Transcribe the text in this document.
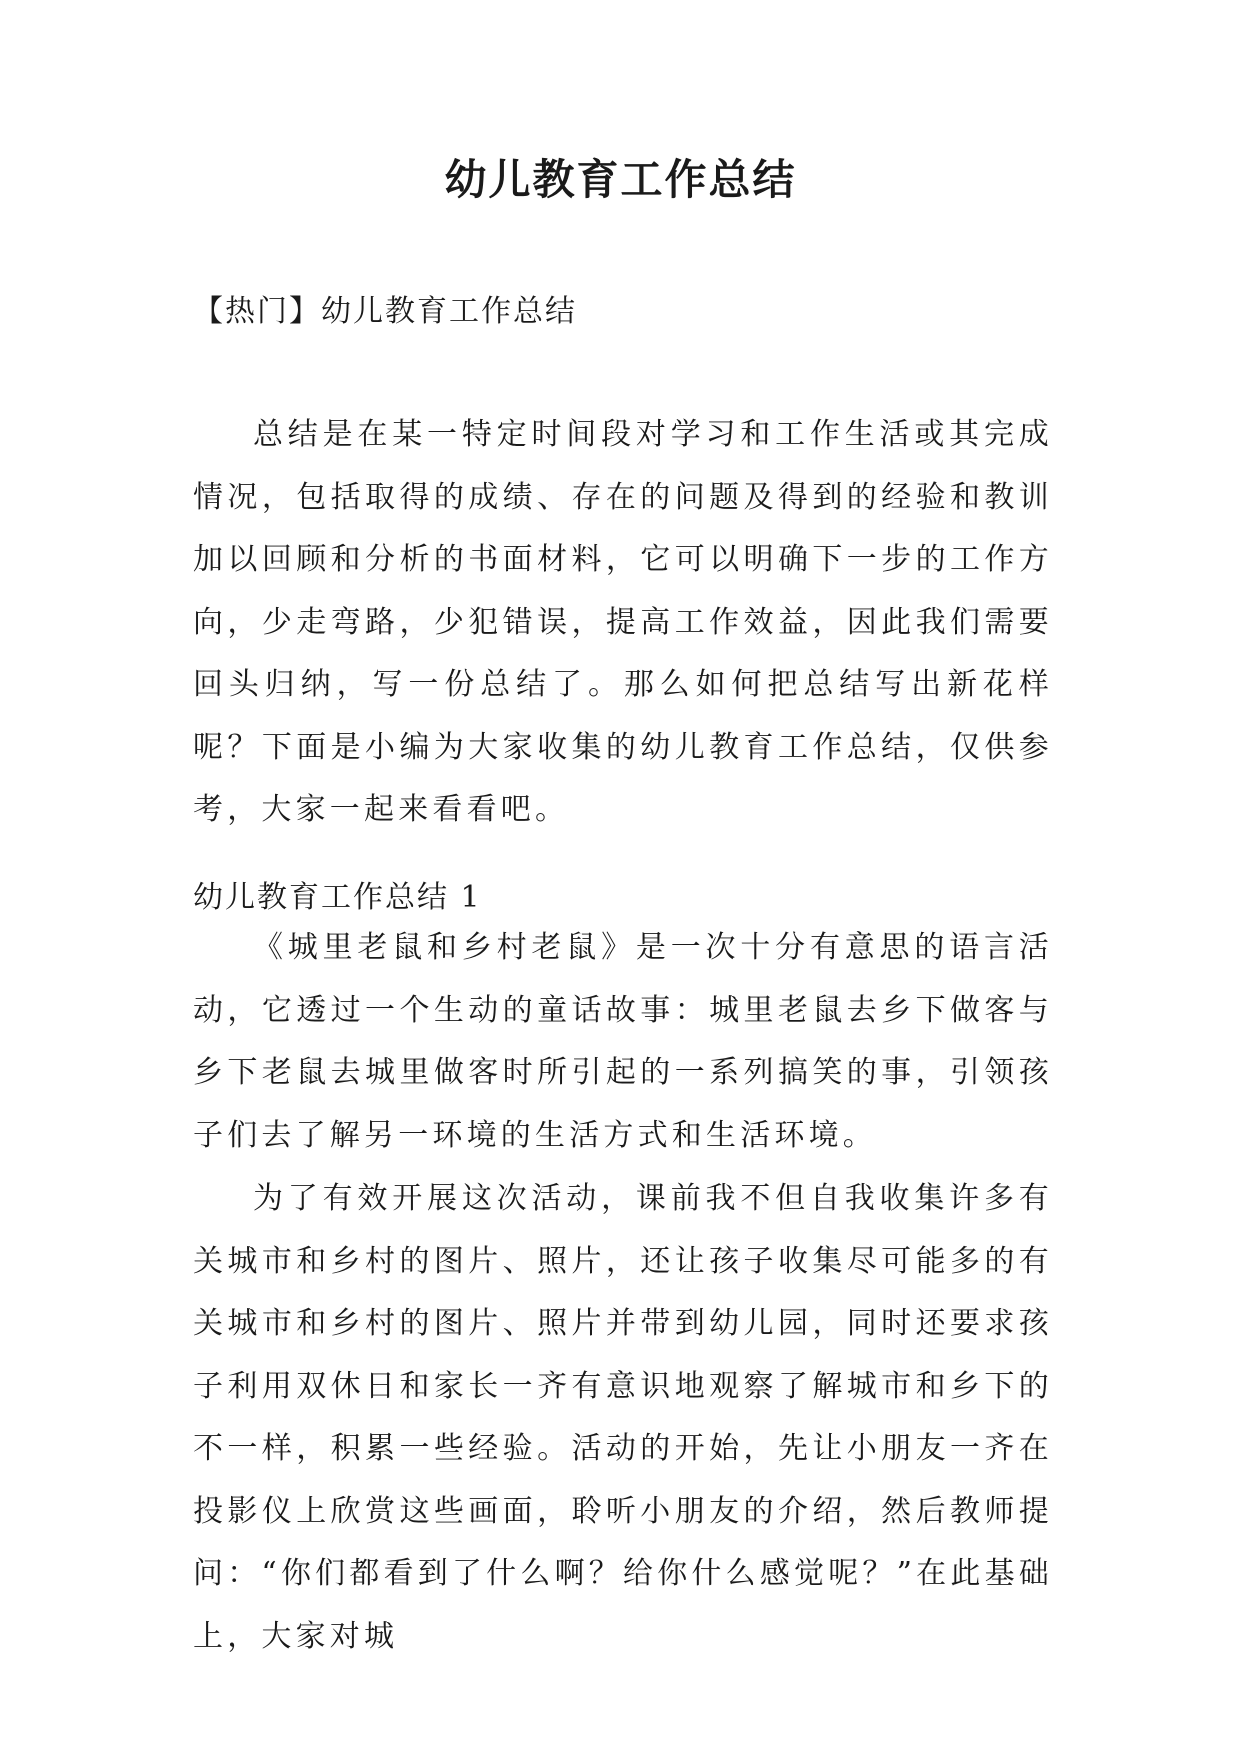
幼儿教育工作总结

【热门】幼儿教育工作总结

总结是在某一特定时间段对学习和工作生活或其完成情况，包括取得的成绩、存在的问题及得到的经验和教训加以回顾和分析的书面材料，它可以明确下一步的工作方向，少走弯路，少犯错误，提高工作效益，因此我们需要回头归纳，写一份总结了。那么如何把总结写出新花样呢？下面是小编为大家收集的幼儿教育工作总结，仅供参考，大家一起来看看吧。

幼儿教育工作总结 1

《城里老鼠和乡村老鼠》是一次十分有意思的语言活动，它透过一个生动的童话故事：城里老鼠去乡下做客与乡下老鼠去城里做客时所引起的一系列搞笑的事，引领孩子们去了解另一环境的生活方式和生活环境。

为了有效开展这次活动，课前我不但自我收集许多有关城市和乡村的图片、照片，还让孩子收集尽可能多的有关城市和乡村的图片、照片并带到幼儿园，同时还要求孩子利用双休日和家长一齐有意识地观察了解城市和乡下的不一样，积累一些经验。活动的开始，先让小朋友一齐在投影仪上欣赏这些画面，聆听小朋友的介绍，然后教师提问：“你们都看到了什么啊？给你什么感觉呢？”在此基础上，大家对城
